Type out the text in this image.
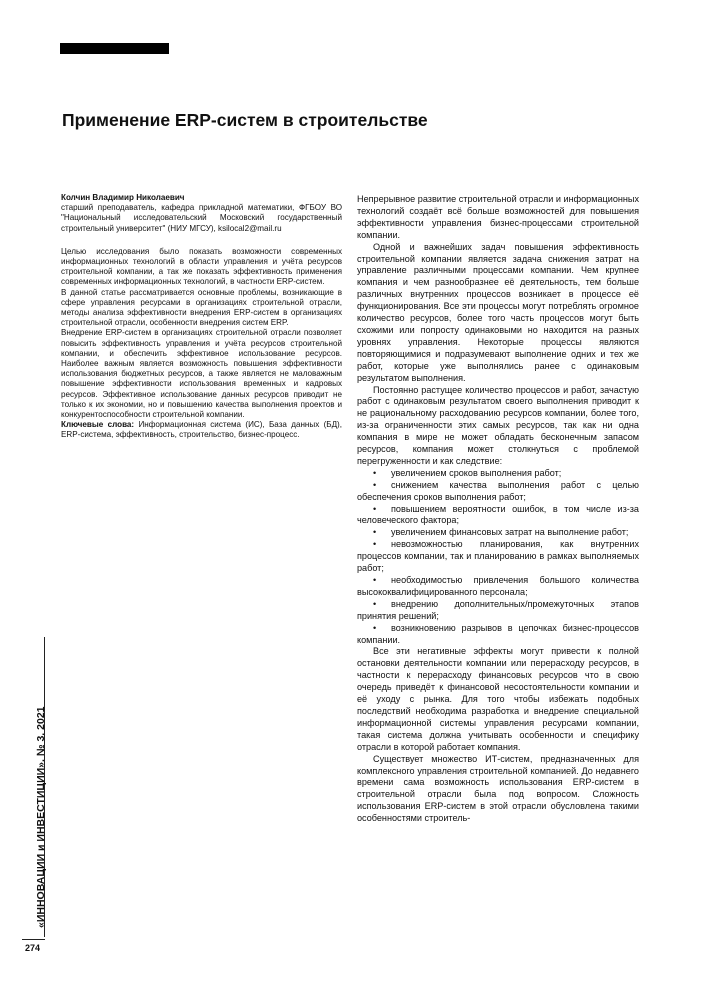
Применение ERP-систем в строительстве

Колчин Владимир Николаевич

старший преподаватель, кафедра прикладной математики, ФГБОУ ВО "Национальный исследовательский Московский государственный строительный университет" (НИУ МГСУ), ksilocal2@mail.ru

Целью исследования было показать возможности современных информационных технологий в области управления и учёта ресурсов строительной компании, а так же показать эффективность применения современных информационных технологий, в частности ERP-систем.

В данной статье рассматривается основные проблемы, возникающие в сфере управления ресурсами в организациях строительной отрасли, методы анализа эффективности внедрения ERP-систем в организациях строительной отрасли, особенности внедрения систем ERP.

Внедрение ERP-систем в организациях строительной отрасли позволяет повысить эффективность управления и учёта ресурсов строительной компании, и обеспечить эффективное использование ресурсов. Наиболее важным является возможность повышения эффективности использования бюджетных ресурсов, а также является не маловажным повышение эффективности использования временных и кадровых ресурсов. Эффективное использование данных ресурсов приводит не только к их экономии, но и повышению качества выполнения проектов и конкурентоспособности строительной компании.

Ключевые слова: Информационная система (ИС), База данных (БД), ERP-система, эффективность, строительство, бизнес-процесс.

Непрерывное развитие строительной отрасли и информационных технологий создаёт всё больше возможностей для повышения эффективности управления бизнес-процессами строительной компании.

Одной и важнейших задач повышения эффективность строительной компании является задача снижения затрат на управление различными процессами компании. Чем крупнее компания и чем разнообразнее её деятельность, тем больше различных внутренних процессов возникает в процессе её функционирования. Все эти процессы могут потреблять огромное количество ресурсов, более того часть процессов могут быть схожими или попросту одинаковыми но находится на разных уровнях управления. Некоторые процессы являются повторяющимися и подразумевают выполнение одних и тех же работ, которые уже выполнялись ранее с одинаковым результатом выполнения.

Постоянно растущее количество процессов и работ, зачастую работ с одинаковым результатом своего выполнения приводит к не рациональному расходованию ресурсов компании, более того, из-за ограниченности этих самых ресурсов, так как ни одна компания в мире не может обладать бесконечным запасом ресурсов, компания может столкнуться с проблемой перегруженности и как следствие:

• увеличением сроков выполнения работ;
• снижением качества выполнения работ с целью обеспечения сроков выполнения работ;
• повышением вероятности ошибок, в том числе из-за человеческого фактора;
• увеличением финансовых затрат на выполнение работ;
• невозможностью планирования, как внутренних процессов компании, так и планированию в рамках выполняемых работ;
• необходимостью привлечения большого количества высококвалифицированного персонала;
• внедрению дополнительных/промежуточных этапов принятия решений;
• возникновению разрывов в цепочках бизнес-процессов компании.

Все эти негативные эффекты могут привести к полной остановки деятельности компании или перерасходу ресурсов, в частности к перерасходу финансовых ресурсов что в свою очередь приведёт к финансовой несостоятельности компании и её уходу с рынка. Для того чтобы избежать подобных последствий необходима разработка и внедрение специальной информационной системы управления ресурсами компании, такая система должна учитывать особенности и специфику отрасли в которой работает компания.

Существует множество ИТ-систем, предназначенных для комплексного управления строительной компанией. До недавнего времени сама возможность использования ERP-систем в строительной отрасли была под вопросом. Сложность использования ERP-систем в этой отрасли обусловлена такими особенностями строитель-

«ИННОВАЦИИ и ИНВЕСТИЦИИ». № 3. 2021
274
